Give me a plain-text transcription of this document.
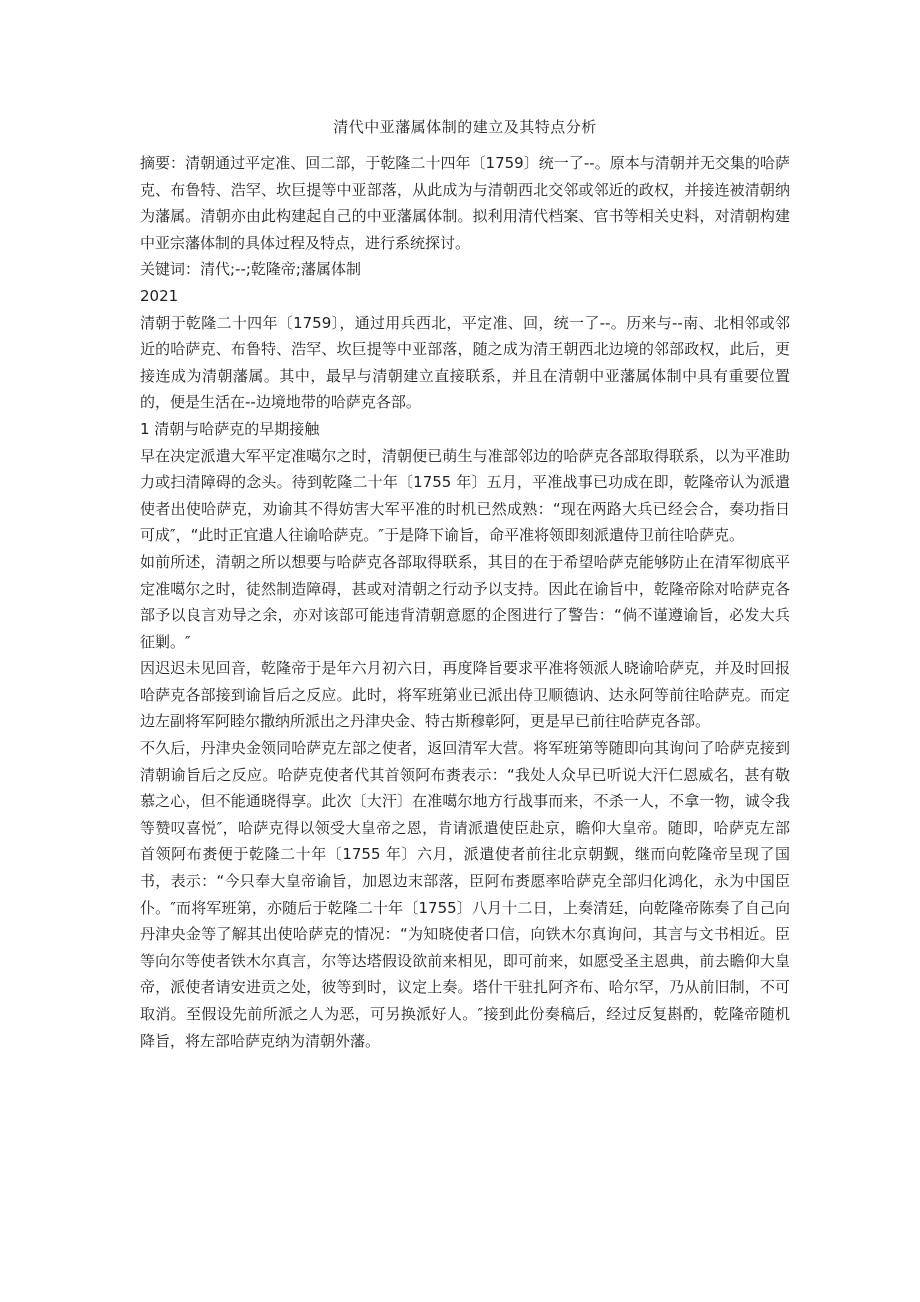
清代中亚藩属体制的建立及其特点分析

摘要：清朝通过平定准、回二部，于乾隆二十四年〔1759〕统一了--。原本与清朝并无交集的哈萨克、布鲁特、浩罕、坎巨提等中亚部落，从此成为与清朝西北交邻或邻近的政权，并接连被清朝纳为藩属。清朝亦由此构建起自己的中亚藩属体制。拟利用清代档案、官书等相关史料，对清朝构建中亚宗藩体制的具体过程及特点，进行系统探讨。

关键词：清代;--;乾隆帝;藩属体制

2021

清朝于乾隆二十四年〔1759〕，通过用兵西北，平定准、回，统一了--。历来与--南、北相邻或邻近的哈萨克、布鲁特、浩罕、坎巨提等中亚部落，随之成为清王朝西北边境的邻部政权，此后，更接连成为清朝藩属。其中，最早与清朝建立直接联系，并且在清朝中亚藩属体制中具有重要位置的，便是生活在--边境地带的哈萨克各部。

1 清朝与哈萨克的早期接触

早在决定派遣大军平定准噶尔之时，清朝便已萌生与准部邻边的哈萨克各部取得联系，以为平准助力或扫清障碍的念头。待到乾隆二十年〔1755 年〕五月，平准战事已功成在即，乾隆帝认为派遣使者出使哈萨克，劝谕其不得妨害大军平准的时机已然成熟：“现在两路大兵已经会合，奏功指日可成″，“此时正宜遣人往谕哈萨克。″于是降下谕旨，命平准将领即刻派遣侍卫前往哈萨克。

如前所述，清朝之所以想要与哈萨克各部取得联系，其目的在于希望哈萨克能够防止在清军彻底平定准噶尔之时，徒然制造障碍，甚或对清朝之行动予以支持。因此在谕旨中，乾隆帝除对哈萨克各部予以良言劝导之余，亦对该部可能违背清朝意愿的企图进行了警告：“倘不谨遵谕旨，必发大兵征剿。″

因迟迟未见回音，乾隆帝于是年六月初六日，再度降旨要求平准将领派人晓谕哈萨克，并及时回报哈萨克各部接到谕旨后之反应。此时，将军班第业已派出侍卫顺德讷、达永阿等前往哈萨克。而定边左副将军阿睦尔撒纳所派出之丹津央金、特古斯穆彰阿，更是早已前往哈萨克各部。

不久后，丹津央金领同哈萨克左部之使者，返回清军大营。将军班第等随即向其询问了哈萨克接到清朝谕旨后之反应。哈萨克使者代其首领阿布赉表示：“我处人众早已听说大汗仁恩威名，甚有敬慕之心，但不能通晓得享。此次〔大汗〕在准噶尔地方行战事而来，不杀一人，不拿一物，诚令我等赞叹喜悦″，哈萨克得以领受大皇帝之恩，肯请派遣使臣赴京，瞻仰大皇帝。随即，哈萨克左部首领阿布赉便于乾隆二十年〔1755 年〕六月，派遣使者前往北京朝觐，继而向乾隆帝呈现了国书，表示：“今只奉大皇帝谕旨，加恩边末部落，臣阿布赉愿率哈萨克全部归化鸿化，永为中国臣仆。″而将军班第，亦随后于乾隆二十年〔1755〕八月十二日，上奏清廷，向乾隆帝陈奏了自己向丹津央金等了解其出使哈萨克的情况：“为知晓使者口信，向铁木尔真询问，其言与文书相近。臣等向尔等使者铁木尔真言，尔等达塔假设欲前来相见，即可前来，如愿受圣主恩典，前去瞻仰大皇帝，派使者请安进贡之处，彼等到时，议定上奏。塔什干驻扎阿齐布、哈尔罕，乃从前旧制，不可取消。至假设先前所派之人为恶，可另换派好人。″接到此份奏稿后，经过反复斟酌，乾隆帝随机降旨，将左部哈萨克纳为清朝外藩。
